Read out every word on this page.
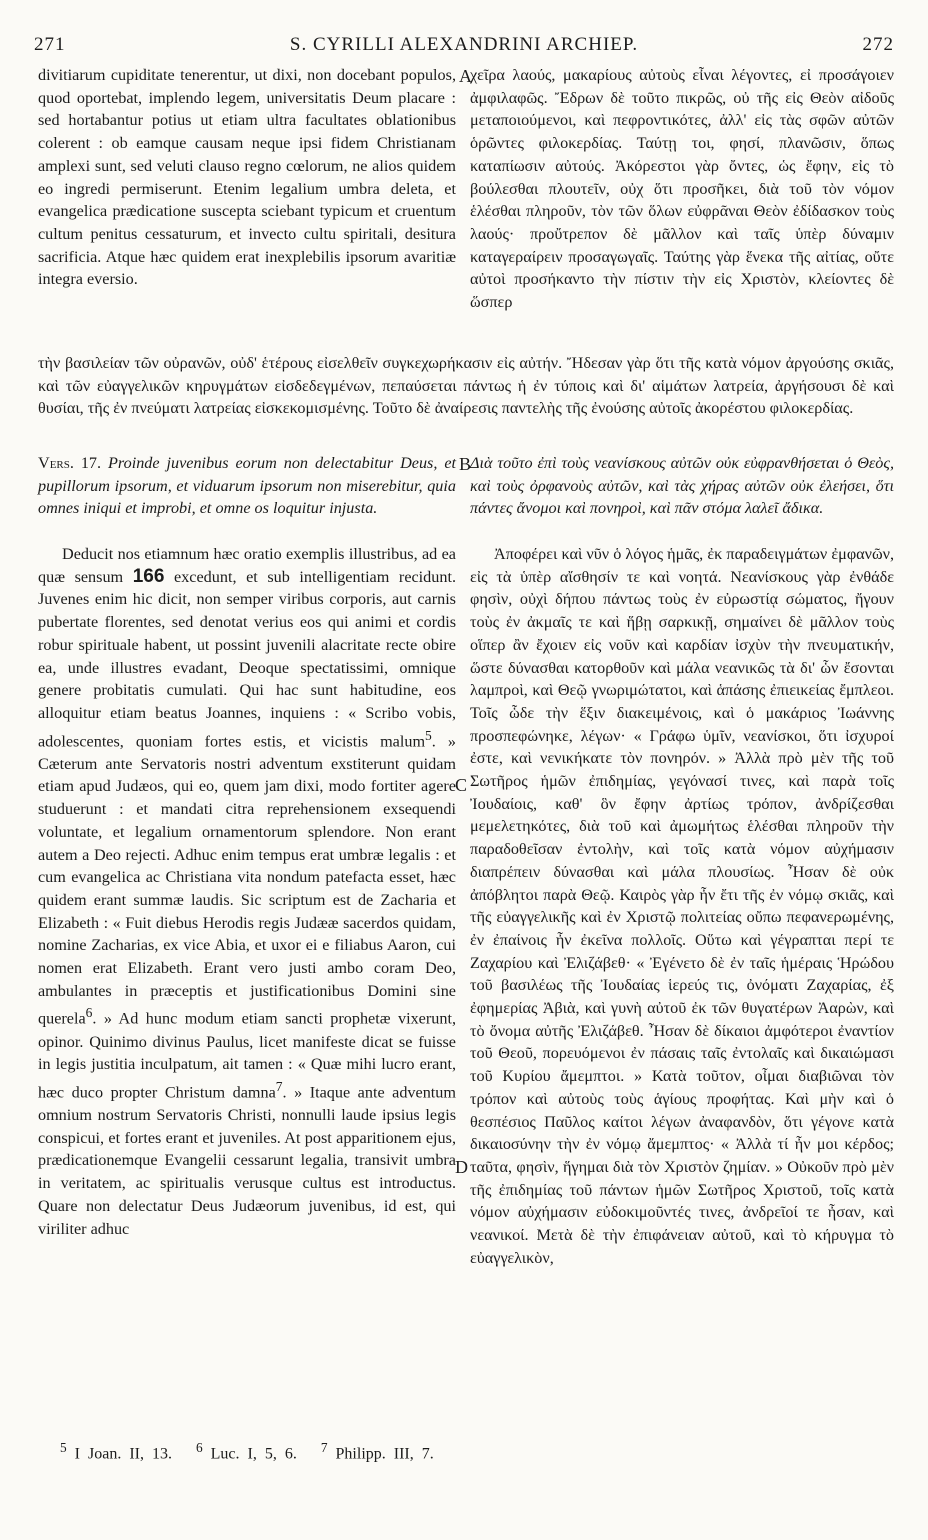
271	S. CYRILLI ALEXANDRINI ARCHIEP.	272

divitiarum cupiditate tenerentur, ut dixi, non docebant populos, quod oportebat, implendo legem, universitatis Deum placare : sed hortabantur potius ut etiam ultra facultates oblationibus colerent : ob eamque causam neque ipsi fidem Christianam amplexi sunt, sed veluti clauso regno cœlorum, ne alios quidem eo ingredi permiserunt. Etenim legalium umbra deleta, et evangelica prædicatione suscepta sciebant typicum et cruentum cultum penitus cessaturum, et invecto cultu spiritali, desitura sacrificia. Atque hæc quidem erat inexplebilis ipsorum avaritiæ integra eversio.

A

χεῖρα λαούς, μακαρίους αὐτοὺς εἶναι λέγοντες, εἰ προσάγοιεν ἀμφιλαφῶς. Ἔδρων δὲ τοῦτο πικρῶς, οὐ τῆς εἰς Θεὸν αἰδοῦς μεταποιούμενοι, καὶ πεφροντικότες, ἀλλ' εἰς τὰς σφῶν αὐτῶν ὁρῶντες φιλοκερδίας. Ταύτῃ τοι, φησί, πλανῶσιν, ὅπως καταπίωσιν αὐτούς. Ἀκόρεστοι γὰρ ὄντες, ὡς ἔφην, εἰς τὸ βούλεσθαι πλουτεῖν, οὐχ ὅτι προσῆκει, διὰ τοῦ τὸν νόμον ἑλέσθαι πληροῦν, τὸν τῶν ὅλων εὐφρᾶναι Θεὸν ἐδίδασκον τοὺς λαούς· προὔτρεπον δὲ μᾶλλον καὶ ταῖς ὑπὲρ δύναμιν καταγεραίρειν προσαγωγαῖς. Ταύτης γὰρ ἕνεκα τῆς αἰτίας, οὔτε αὐτοὶ προσήκαντο τὴν πίστιν τὴν εἰς Χριστὸν, κλείοντες δὲ ὥσπερ

τὴν βασιλείαν τῶν οὐρανῶν, οὐδ' ἑτέρους εἰσελθεῖν συγκεχωρήκασιν εἰς αὐτήν. Ἤδεσαν γὰρ ὅτι τῆς κατὰ νόμον ἀργούσης σκιᾶς, καὶ τῶν εὐαγγελικῶν κηρυγμάτων εἰσδεδεγμένων, πεπαύσεται πάντως ἡ ἐν τύποις καὶ δι' αἱμάτων λατρεία, ἀργήσουσι δὲ καὶ θυσίαι, τῆς ἐν πνεύματι λατρείας εἰσκεκομισμένης. Τοῦτο δὲ ἀναίρεσις παντελὴς τῆς ἐνούσης αὐτοῖς ἀκορέστου φιλοκερδίας.

Vers. 17. Proinde juvenibus eorum non delectabitur Deus, et pupillorum ipsorum, et viduarum ipsorum non miserebitur, quia omnes iniqui et improbi, et omne os loquitur injusta.
B

Διὰ τοῦτο ἐπὶ τοὺς νεανίσκους αὐτῶν οὐκ εὐφρανθήσεται ὁ Θεὸς, καὶ τοὺς ὀρφανοὺς αὐτῶν, καὶ τὰς χήρας αὐτῶν οὐκ ἐλεήσει, ὅτι πάντες ἄνομοι καὶ πονηροὶ, καὶ πᾶν στόμα λαλεῖ ἄδικα.

Deducit nos etiamnum hæc oratio exemplis illustribus, ad ea quæ sensum 166 excedunt, et sub intelligentiam recidunt. Juvenes enim hic dicit, non semper viribus corporis, aut carnis pubertate florentes, sed denotat verius eos qui animi et cordis robur spirituale habent, ut possint juvenili alacritate recte obire ea, unde illustres evadant, Deoque spectatissimi, omnique genere probitatis cumulati. Qui hac sunt habitudine, eos alloquitur etiam beatus Joannes, inquiens : « Scribo vobis, adolescentes, quoniam fortes estis, et vicistis malum$^5$. » Cæterum ante Servatoris nostri adventum exstiterunt quidam etiam apud Judæos, qui eo, quem jam dixi, modo fortiter agere studuerunt : et mandati citra reprehensionem exsequendi voluntate, et legalium ornamentorum splendore. Non erant autem a Deo rejecti. Adhuc enim tempus erat umbræ legalis : et cum evangelica ac Christiana vita nondum patefacta esset, hæc quidem erant summæ laudis. Sic scriptum est de Zacharia et Elizabeth : « Fuit diebus Herodis regis Judææ sacerdos quidam, nomine Zacharias, ex vice Abia, et uxor ei e filiabus Aaron, cui nomen erat Elizabeth. Erant vero justi ambo coram Deo, ambulantes in præceptis et justificationibus Domini sine querela$^6$. » Ad hunc modum etiam sancti prophetæ vixerunt, opinor. Quinimo divinus Paulus, licet manifeste dicat se fuisse in legis justitia inculpatum, ait tamen : « Quæ mihi lucro erant, hæc duco propter Christum damna$^7$. » Itaque ante adventum omnium nostrum Servatoris Christi, nonnulli laude ipsius legis conspicui, et fortes erant et juveniles. At post apparitionem ejus, prædicationemque Evangelii cessarunt legalia, transivit umbra in veritatem, ac spiritualis verusque cultus est introductus. Quare non delectatur Deus Judæorum juvenibus, id est, qui viriliter adhuc
C
D

Ἀποφέρει καὶ νῦν ὁ λόγος ἡμᾶς, ἐκ παραδειγμάτων ἐμφανῶν, εἰς τὰ ὑπὲρ αἴσθησίν τε καὶ νοητά. Νεανίσκους γὰρ ἐνθάδε φησὶν, οὐχὶ δήπου πάντως τοὺς ἐν εὐρωστίᾳ σώματος, ἤγουν τοὺς ἐν ἀκμαῖς τε καὶ ἥβῃ σαρκικῇ, σημαίνει δὲ μᾶλλον τοὺς οἵπερ ἂν ἔχοιεν εἰς νοῦν καὶ καρδίαν ἰσχὺν τὴν πνευματικήν, ὥστε δύνασθαι κατορθοῦν καὶ μάλα νεανικῶς τὰ δι' ὧν ἔσονται λαμπροὶ, καὶ Θεῷ γνωριμώτατοι, καὶ ἁπάσης ἐπιεικείας ἔμπλεοι. Τοῖς ὧδε τὴν ἕξιν διακειμένοις, καὶ ὁ μακάριος Ἰωάννης προσπεφώνηκε, λέγων· « Γράφω ὑμῖν, νεανίσκοι, ὅτι ἰσχυροί ἐστε, καὶ νενικήκατε τὸν πονηρόν. » Ἀλλὰ πρὸ μὲν τῆς τοῦ Σωτῆρος ἡμῶν ἐπιδημίας, γεγόνασί τινες, καὶ παρὰ τοῖς Ἰουδαίοις, καθ' ὃν ἔφην ἀρτίως τρόπον, ἀνδρίζεσθαι μεμελετηκότες, διὰ τοῦ καὶ ἀμωμήτως ἑλέσθαι πληροῦν τὴν παραδοθεῖσαν ἐντολὴν, καὶ τοῖς κατὰ νόμον αὐχήμασιν διαπρέπειν δύνασθαι καὶ μάλα πλουσίως. Ἦσαν δὲ οὐκ ἀπόβλητοι παρὰ Θεῷ. Καιρὸς γὰρ ἦν ἔτι τῆς ἐν νόμῳ σκιᾶς, καὶ τῆς εὐαγγελικῆς καὶ ἐν Χριστῷ πολιτείας οὔπω πεφανερωμένης, ἐν ἐπαίνοις ἦν ἐκεῖνα πολλοῖς. Οὕτω καὶ γέγραπται περί τε Ζαχαρίου καὶ Ἐλιζάβεθ· « Ἐγένετο δὲ ἐν ταῖς ἡμέραις Ἡρώδου τοῦ βασιλέως τῆς Ἰουδαίας ἱερεύς τις, ὀνόματι Ζαχαρίας, ἐξ ἐφημερίας Ἀβιὰ, καὶ γυνὴ αὐτοῦ ἐκ τῶν θυγατέρων Ἀαρὼν, καὶ τὸ ὄνομα αὐτῆς Ἐλιζάβεθ. Ἦσαν δὲ δίκαιοι ἀμφότεροι ἐναντίον τοῦ Θεοῦ, πορευόμενοι ἐν πάσαις ταῖς ἐντολαῖς καὶ δικαιώμασι τοῦ Κυρίου ἄμεμπτοι. » Κατὰ τοῦτον, οἶμαι διαβιῶναι τὸν τρόπον καὶ αὐτοὺς τοὺς ἁγίους προφήτας. Καὶ μὴν καὶ ὁ θεσπέσιος Παῦλος καίτοι λέγων ἀναφανδὸν, ὅτι γέγονε κατὰ δικαιοσύνην τὴν ἐν νόμῳ ἄμεμπτος· « Ἀλλὰ τί ἦν μοι κέρδος; ταῦτα, φησὶν, ἥγημαι διὰ τὸν Χριστὸν ζημίαν. » Οὐκοῦν πρὸ μὲν τῆς ἐπιδημίας τοῦ πάντων ἡμῶν Σωτῆρος Χριστοῦ, τοῖς κατὰ νόμον αὐχήμασιν εὐδοκιμοῦντές τινες, ἀνδρεῖοί τε ἦσαν, καὶ νεανικοί. Μετὰ δὲ τὴν ἐπιφάνειαν αὐτοῦ, καὶ τὸ κήρυγμα τὸ εὐαγγελικὸν,

$^5$ I Joan. II, 13. $^6$ Luc. I, 5, 6. $^7$ Philipp. III, 7.
